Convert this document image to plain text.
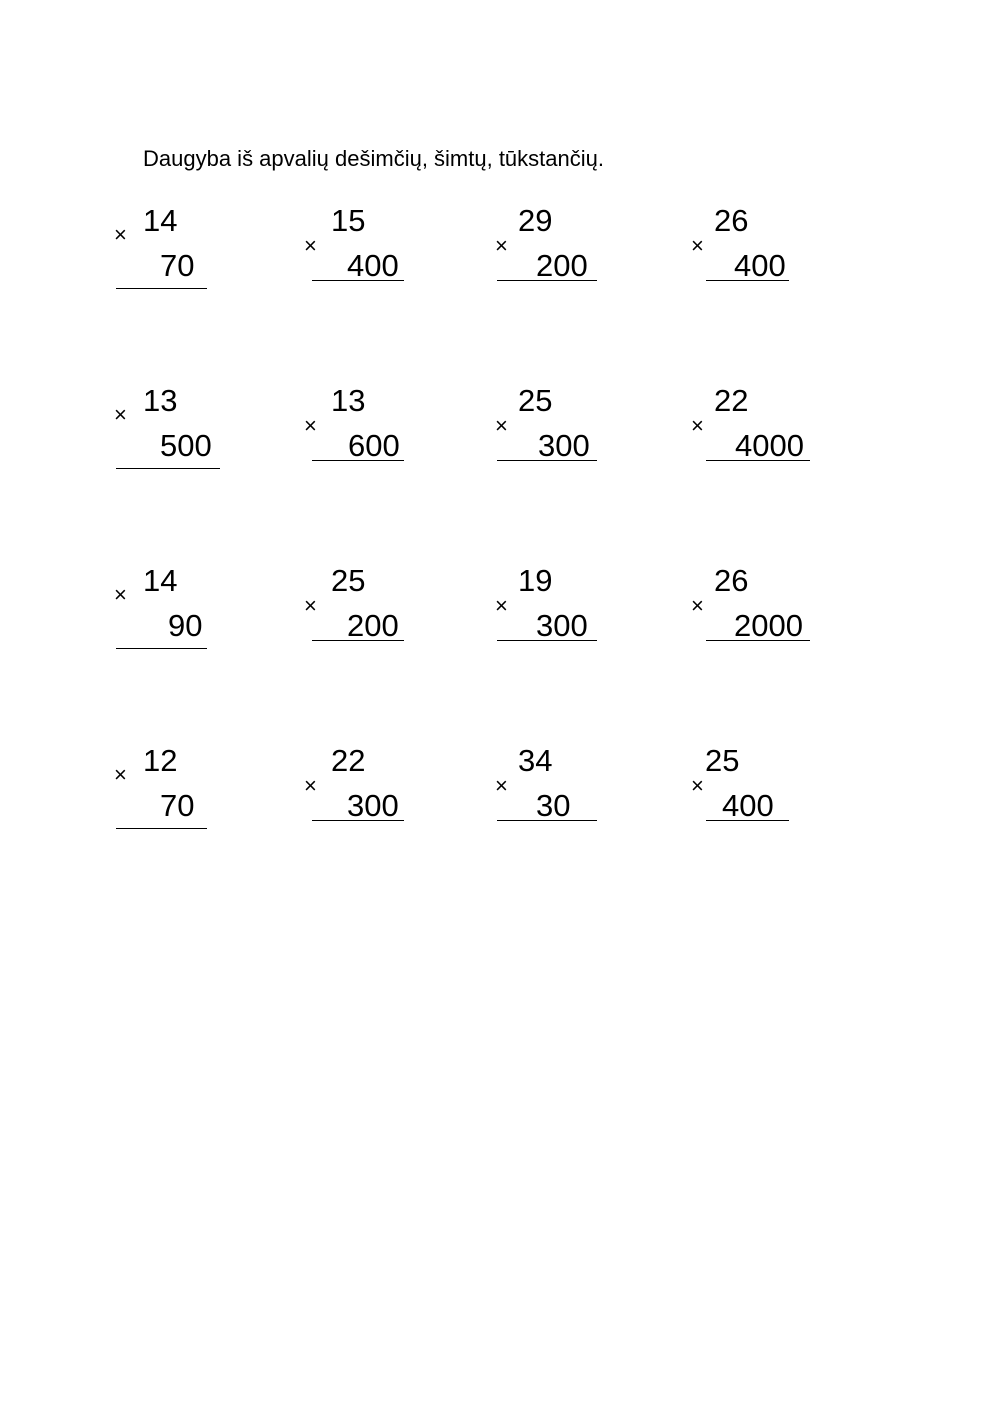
Daugyba iš apvalių dešimčių, šimtų, tūkstančių.
× 14
70
×
15
400
×
29
200
×
26
400
× 13
500
×
13
600
×
25
300
×
22
4000
× 14
90
×
25
200
×
19
300
×
26
2000
× 12
70
×
22
300
×
34
30
×
25
400
